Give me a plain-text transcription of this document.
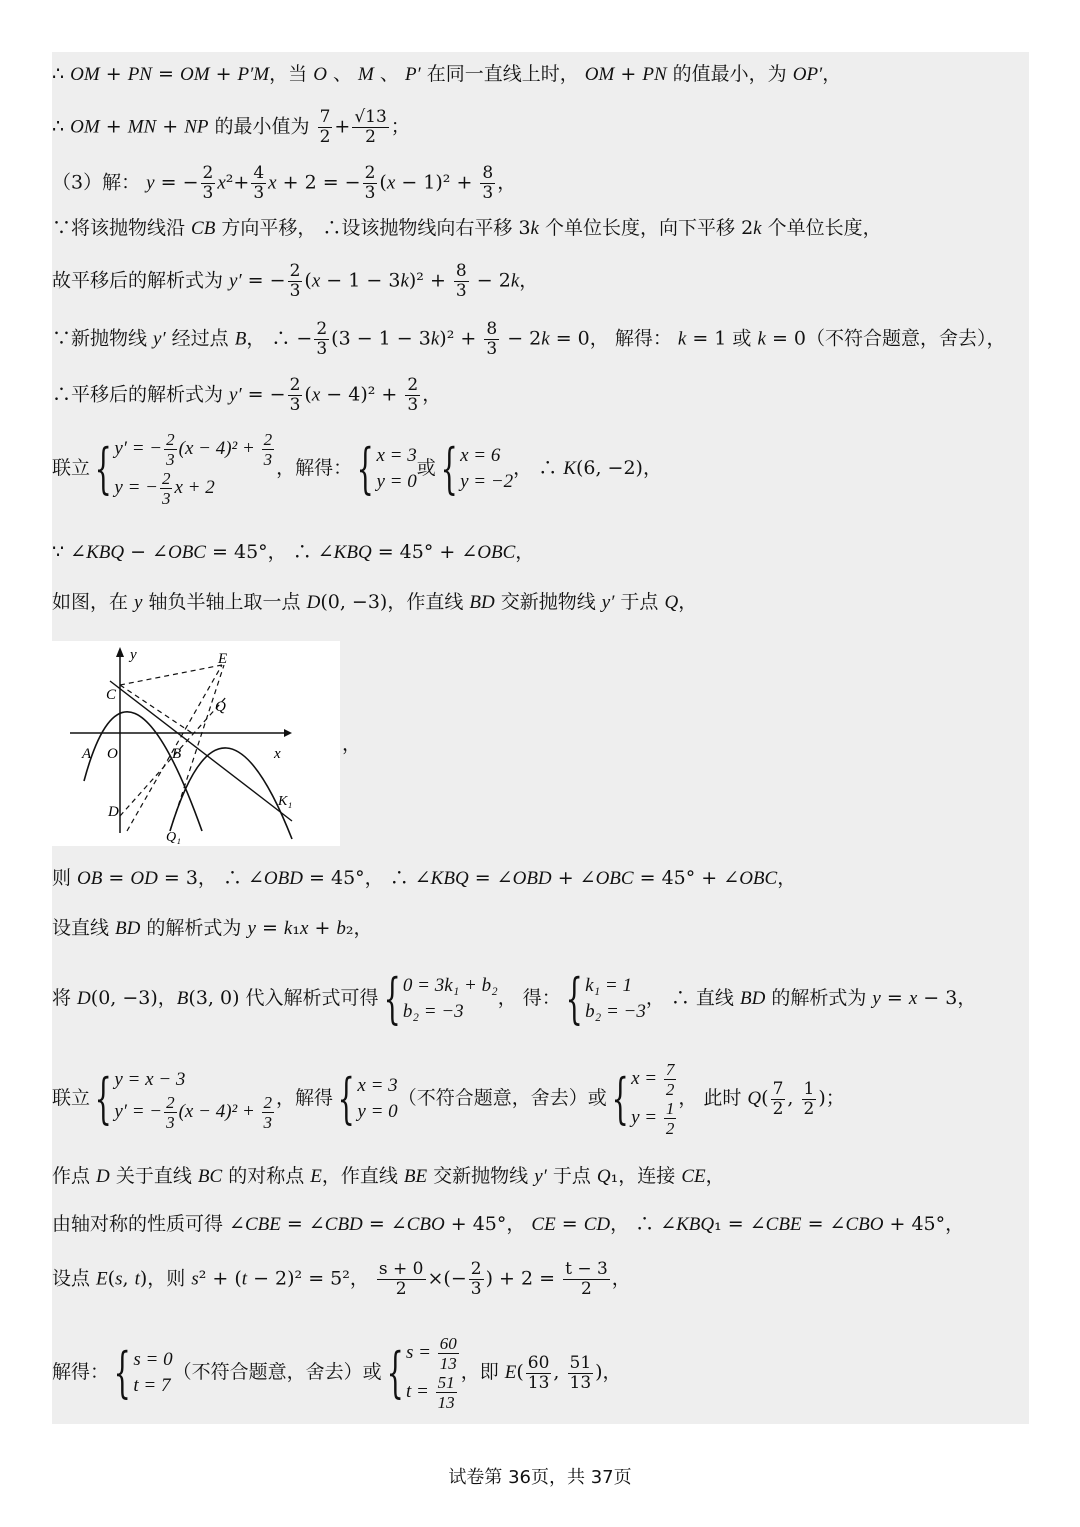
∴ OM + PN = OM + P′M，当 O 、 M 、 P′ 在同一直线上时， OM + PN 的值最小，为 OP′，
∴ OM + MN + NP 的最小值为 $\frac{7}{2} + \frac{√13}{2}$ ；
（3）解： y = − $\frac{2}{3} x^2+ \frac{4}{3}$ x + 2 = − $\frac{2}{3} (x - 1)^2 + \frac{8}{3}$ ，
∵将该抛物线沿 CB 方向平移， ∴设该抛物线向右平移 3k 个单位长度，向下平移 2k 个单位长度，
故平移后的解析式为 y′ = − $\frac{2}{3} (x - 1 - 3k)^2 + \frac{8}{3} - 2k$，
∵新抛物线 y′ 经过点 B， ∴ − $\frac{2}{3} (3 - 1 - 3k)^2 + \frac{8}{3} - 2k = 0$， 解得： k = 1 或 k = 0（不符合题意，舍去），
∴平移后的解析式为 y′ = − $\frac{2}{3} (x - 4)^2 + \frac{2}{3}$ ，
联立{ y′ = − $\frac{2}{3} (x - 4)^2 + \frac{2}{3}$
y = − $\frac{2}{3}$ x + 2
，解得：{ x = 3
y = 0
或{ x = 6
y = −2
， ∴ K(6, −2)，
∵ ∠KBQ − ∠OBC = 45°， ∴ ∠KBQ = 45° + ∠OBC，
如图，在 y 轴负半轴上取一点 D(0, −3)，作直线 BD 交新抛物线 y′ 于点 Q，
y	E
C
Q
A O	B	x
K₁
D
Q₁
，
则 OB = OD = 3， ∴ ∠OBD = 45°， ∴ ∠KBQ = ∠OBD + ∠OBC = 45° + ∠OBC，
设直线 BD 的解析式为 y = k₁x + b₂，
将 D(0, −3)，B(3, 0) 代入解析式可得{ 0 = 3k₁ + b₂
b₂ = −3
， 得：{ k₁ = 1
b₂ = −3
， ∴ 直线 BD 的解析式为 y = x − 3，
联立{ y = x − 3
y′ = − $\frac{2}{3} (x - 4)^2 + \frac{2}{3}$ ，解得{ x = 3
y = 0
（不符合题意，舍去）或{ $x = \frac{7}{2}$
$y = \frac{1}{2}$
， 此时 $Q( \frac{7}{2}$ , $\frac{1}{2}$ )；
作点 D 关于直线 BC 的对称点 E，作直线 BE 交新抛物线 y′ 于点 Q₁，连接 CE，
由轴对称的性质可得 ∠CBE = ∠CBD = ∠CBO + 45°， CE = CD， ∴ ∠KBQ₁ = ∠CBE = ∠CBO + 45°，
设点 E(s, t)，则 s² + (t − 2)² = 5²， $\frac{s + 0}{2}$ ×(− $\frac{2}{3}$ ) + $2 = \frac{t - 3}{2}$ ，
解得：{ s = 0
t = 7
（不符合题意，舍去）或{ $s = \frac{60}{13}$
$t = \frac{51}{13}$
，即 $E( \frac{60}{13}$ , $\frac{51}{13}$ )，
试卷第 36页，共 37页
